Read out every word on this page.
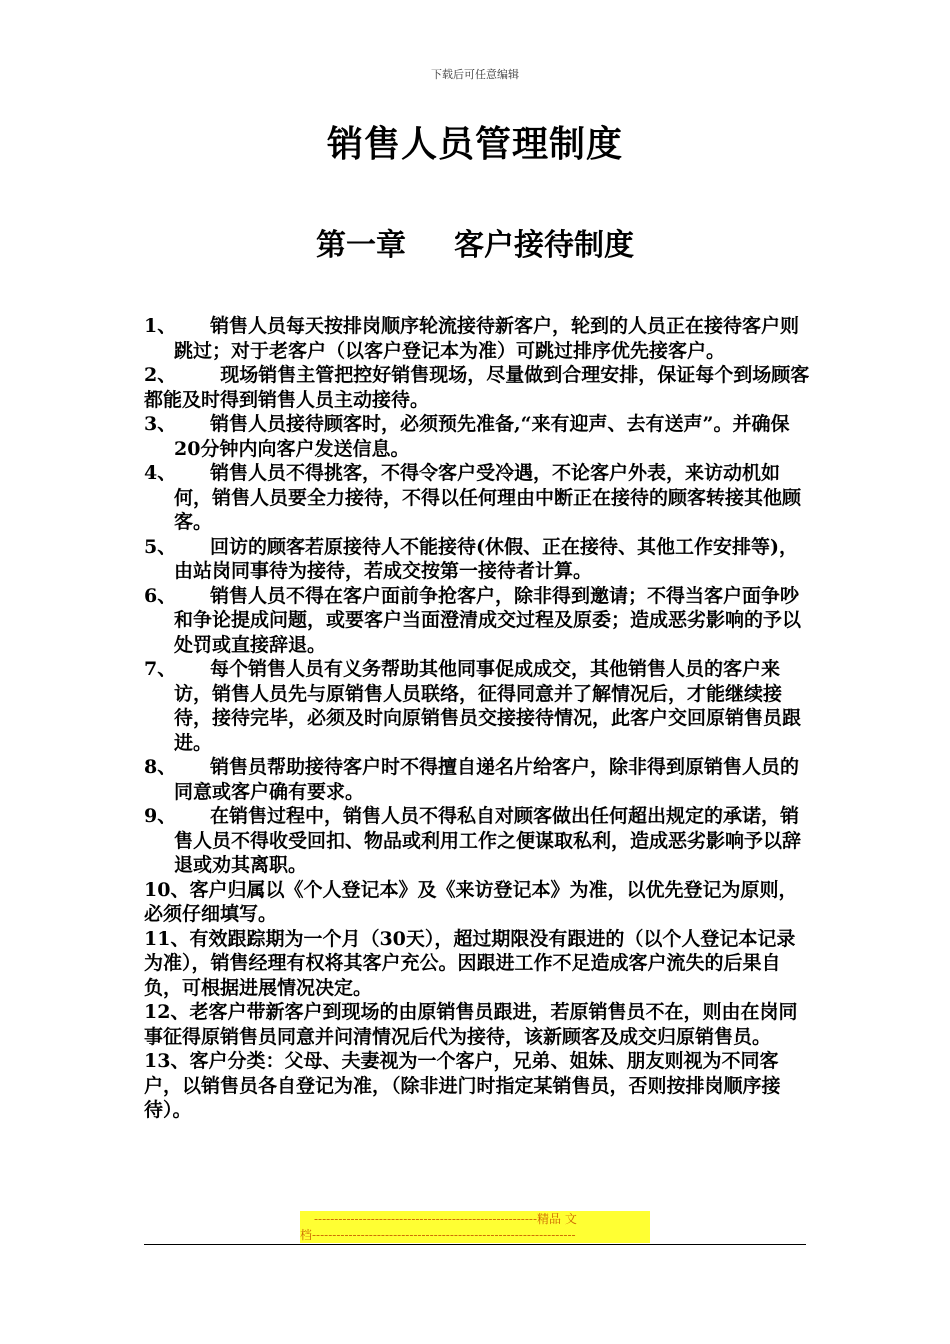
下载后可任意编辑
销售人员管理制度
第一章 客户接待制度
1、 销售人员每天按排岗顺序轮流接待新客户，轮到的人员正在接待客户则跳过；对于老客户（以客户登记本为准）可跳过排序优先接客户。
2、 现场销售主管把控好销售现场，尽量做到合理安排，保证每个到场顾客都能及时得到销售人员主动接待。
3、 销售人员接待顾客时，必须预先准备,“来有迎声、去有送声”。并确保20分钟内向客户发送信息。
4、 销售人员不得挑客，不得令客户受冷遇，不论客户外表，来访动机如何，销售人员要全力接待，不得以任何理由中断正在接待的顾客转接其他顾客。
5、 回访的顾客若原接待人不能接待(休假、正在接待、其他工作安排等)，由站岗同事待为接待，若成交按第一接待者计算。
6、 销售人员不得在客户面前争抢客户，除非得到邀请；不得当客户面争吵和争论提成问题，或要客户当面澄清成交过程及原委；造成恶劣影响的予以处罚或直接辞退。
7、 每个销售人员有义务帮助其他同事促成成交，其他销售人员的客户来访，销售人员先与原销售人员联络，征得同意并了解情况后，才能继续接待，接待完毕，必须及时向原销售员交接接待情况，此客户交回原销售员跟进。
8、 销售员帮助接待客户时不得擅自递名片给客户，除非得到原销售人员的同意或客户确有要求。
9、 在销售过程中，销售人员不得私自对顾客做出任何超出规定的承诺，销售人员不得收受回扣、物品或利用工作之便谋取私利，造成恶劣影响予以辞退或劝其离职。
10、客户归属以《个人登记本》及《来访登记本》为准，以优先登记为原则，必须仔细填写。
11、有效跟踪期为一个月（30天），超过期限没有跟进的（以个人登记本记录为准），销售经理有权将其客户充公。因跟进工作不足造成客户流失的后果自负，可根据进展情况决定。
12、老客户带新客户到现场的由原销售员跟进，若原销售员不在，则由在岗同事征得原销售员同意并问清情况后代为接待，该新顾客及成交归原销售员。
13、客户分类：父母、夫妻视为一个客户，兄弟、姐妹、朋友则视为不同客户，以销售员各自登记为准，（除非进门时指定某销售员，否则按排岗顺序接待）。
-------------------------------------------------------精品 文
档-----------------------------------------------------------------
